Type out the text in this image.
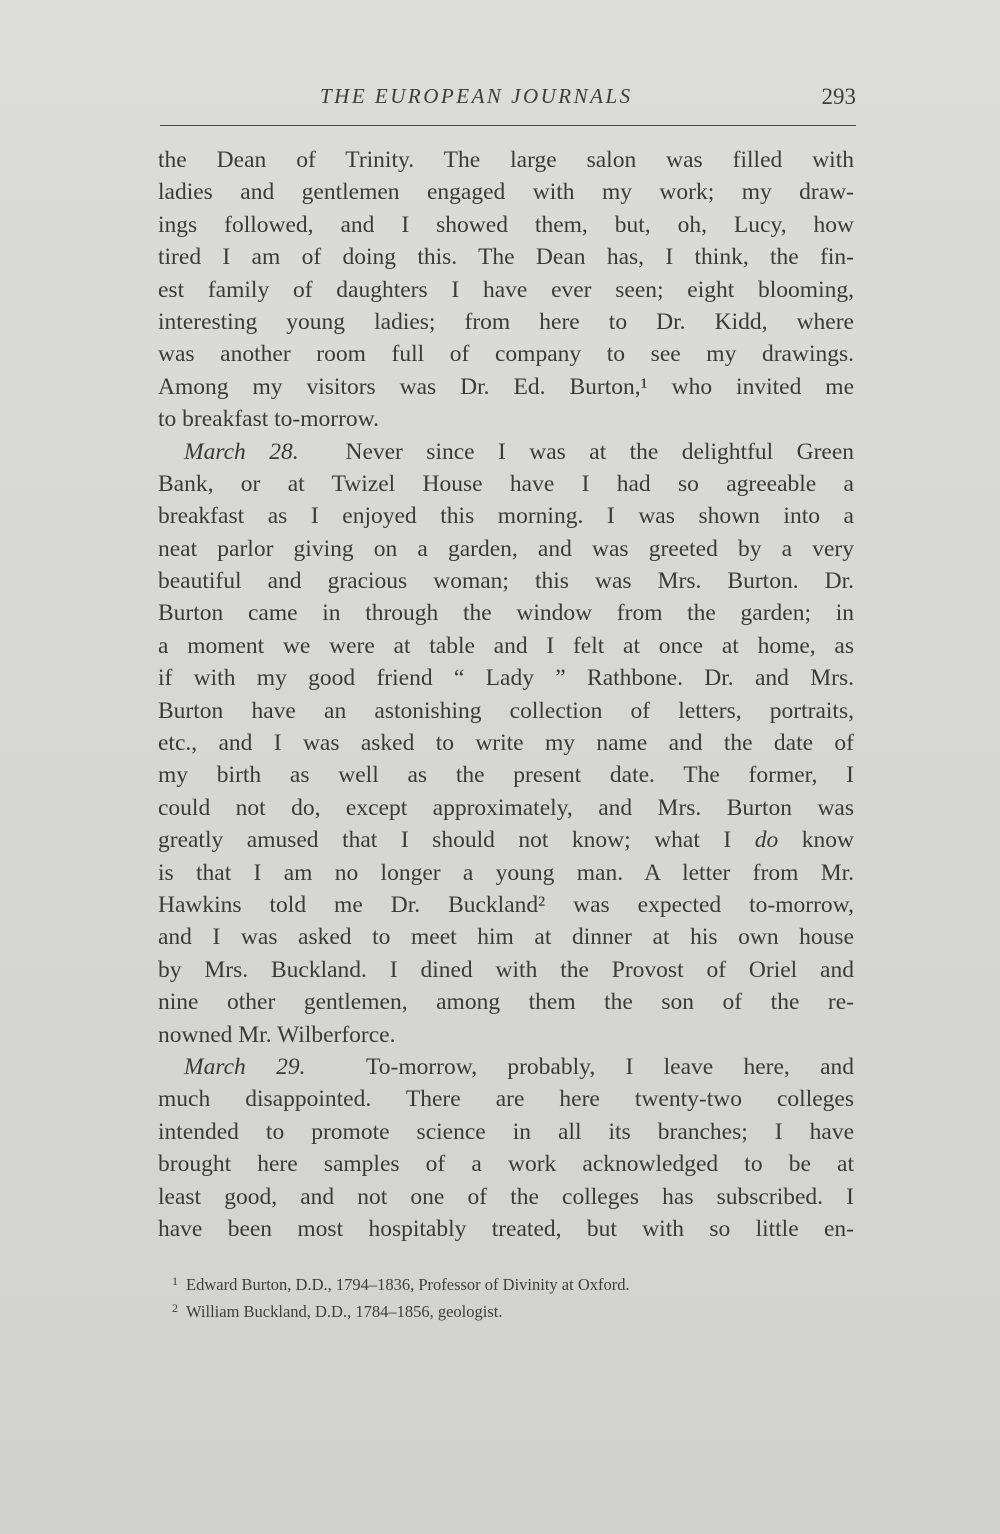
THE EUROPEAN JOURNALS	293
the Dean of Trinity. The large salon was filled with
ladies and gentlemen engaged with my work; my draw-
ings followed, and I showed them, but, oh, Lucy, how
tired I am of doing this. The Dean has, I think, the fin-
est family of daughters I have ever seen; eight blooming,
interesting young ladies; from here to Dr. Kidd, where
was another room full of company to see my drawings.
Among my visitors was Dr. Ed. Burton,¹ who invited me
to breakfast to-morrow.
March 28. Never since I was at the delightful Green
Bank, or at Twizel House have I had so agreeable a
breakfast as I enjoyed this morning. I was shown into a
neat parlor giving on a garden, and was greeted by a very
beautiful and gracious woman; this was Mrs. Burton. Dr.
Burton came in through the window from the garden; in
a moment we were at table and I felt at once at home, as
if with my good friend “ Lady ” Rathbone. Dr. and Mrs.
Burton have an astonishing collection of letters, portraits,
etc., and I was asked to write my name and the date of
my birth as well as the present date. The former, I
could not do, except approximately, and Mrs. Burton was
greatly amused that I should not know; what I do know
is that I am no longer a young man. A letter from Mr.
Hawkins told me Dr. Buckland² was expected to-morrow,
and I was asked to meet him at dinner at his own house
by Mrs. Buckland. I dined with the Provost of Oriel and
nine other gentlemen, among them the son of the re-
nowned Mr. Wilberforce.
March 29.	To-morrow, probably, I leave here, and
much disappointed. There are here twenty-two colleges
intended to promote science in all its branches; I have
brought here samples of a work acknowledged to be at
least good, and not one of the colleges has subscribed. I
have been most hospitably treated, but with so little en-
$^1$ Edward Burton, D.D., 1794–1836, Professor of Divinity at Oxford.
$^2$ William Buckland, D.D., 1784–1856, geologist.
